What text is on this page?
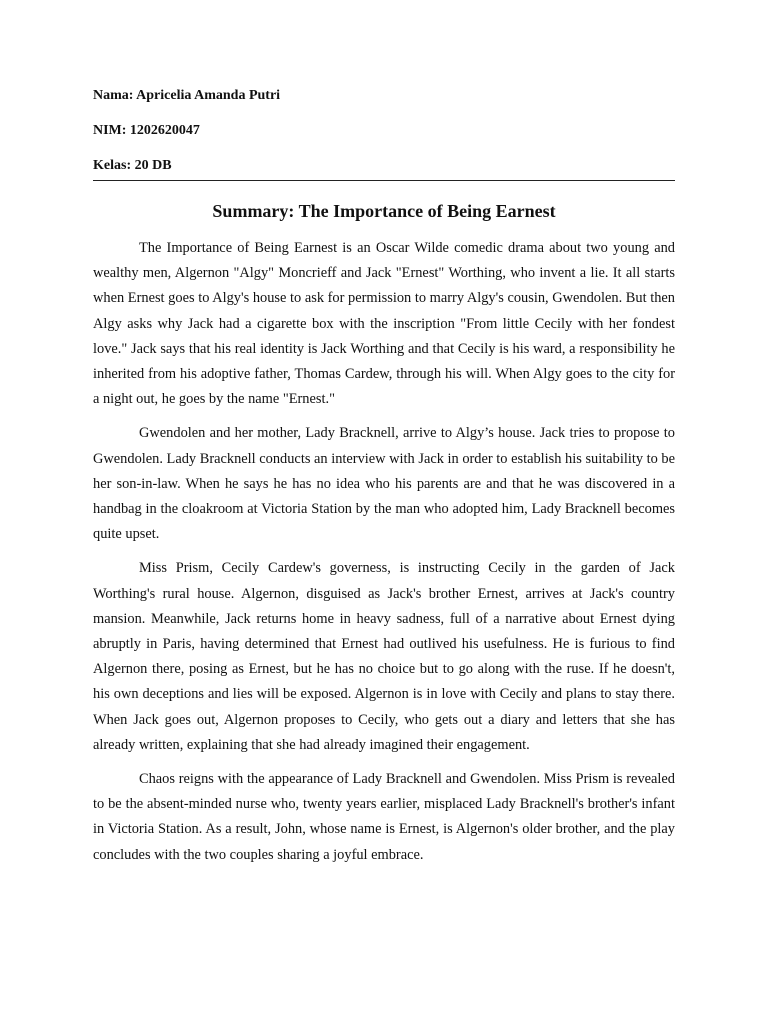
Nama: Apricelia Amanda Putri
NIM: 1202620047
Kelas: 20 DB
Summary: The Importance of Being Earnest

The Importance of Being Earnest is an Oscar Wilde comedic drama about two young and wealthy men, Algernon "Algy" Moncrieff and Jack "Ernest" Worthing, who invent a lie. It all starts when Ernest goes to Algy's house to ask for permission to marry Algy's cousin, Gwendolen. But then Algy asks why Jack had a cigarette box with the inscription "From little Cecily with her fondest love." Jack says that his real identity is Jack Worthing and that Cecily is his ward, a responsibility he inherited from his adoptive father, Thomas Cardew, through his will. When Algy goes to the city for a night out, he goes by the name "Ernest."

Gwendolen and her mother, Lady Bracknell, arrive to Algy’s house. Jack tries to propose to Gwendolen. Lady Bracknell conducts an interview with Jack in order to establish his suitability to be her son-in-law. When he says he has no idea who his parents are and that he was discovered in a handbag in the cloakroom at Victoria Station by the man who adopted him, Lady Bracknell becomes quite upset.

Miss Prism, Cecily Cardew's governess, is instructing Cecily in the garden of Jack Worthing's rural house. Algernon, disguised as Jack's brother Ernest, arrives at Jack's country mansion. Meanwhile, Jack returns home in heavy sadness, full of a narrative about Ernest dying abruptly in Paris, having determined that Ernest had outlived his usefulness. He is furious to find Algernon there, posing as Ernest, but he has no choice but to go along with the ruse. If he doesn't, his own deceptions and lies will be exposed. Algernon is in love with Cecily and plans to stay there. When Jack goes out, Algernon proposes to Cecily, who gets out a diary and letters that she has already written, explaining that she had already imagined their engagement.

Chaos reigns with the appearance of Lady Bracknell and Gwendolen. Miss Prism is revealed to be the absent-minded nurse who, twenty years earlier, misplaced Lady Bracknell's brother's infant in Victoria Station. As a result, John, whose name is Ernest, is Algernon's older brother, and the play concludes with the two couples sharing a joyful embrace.
